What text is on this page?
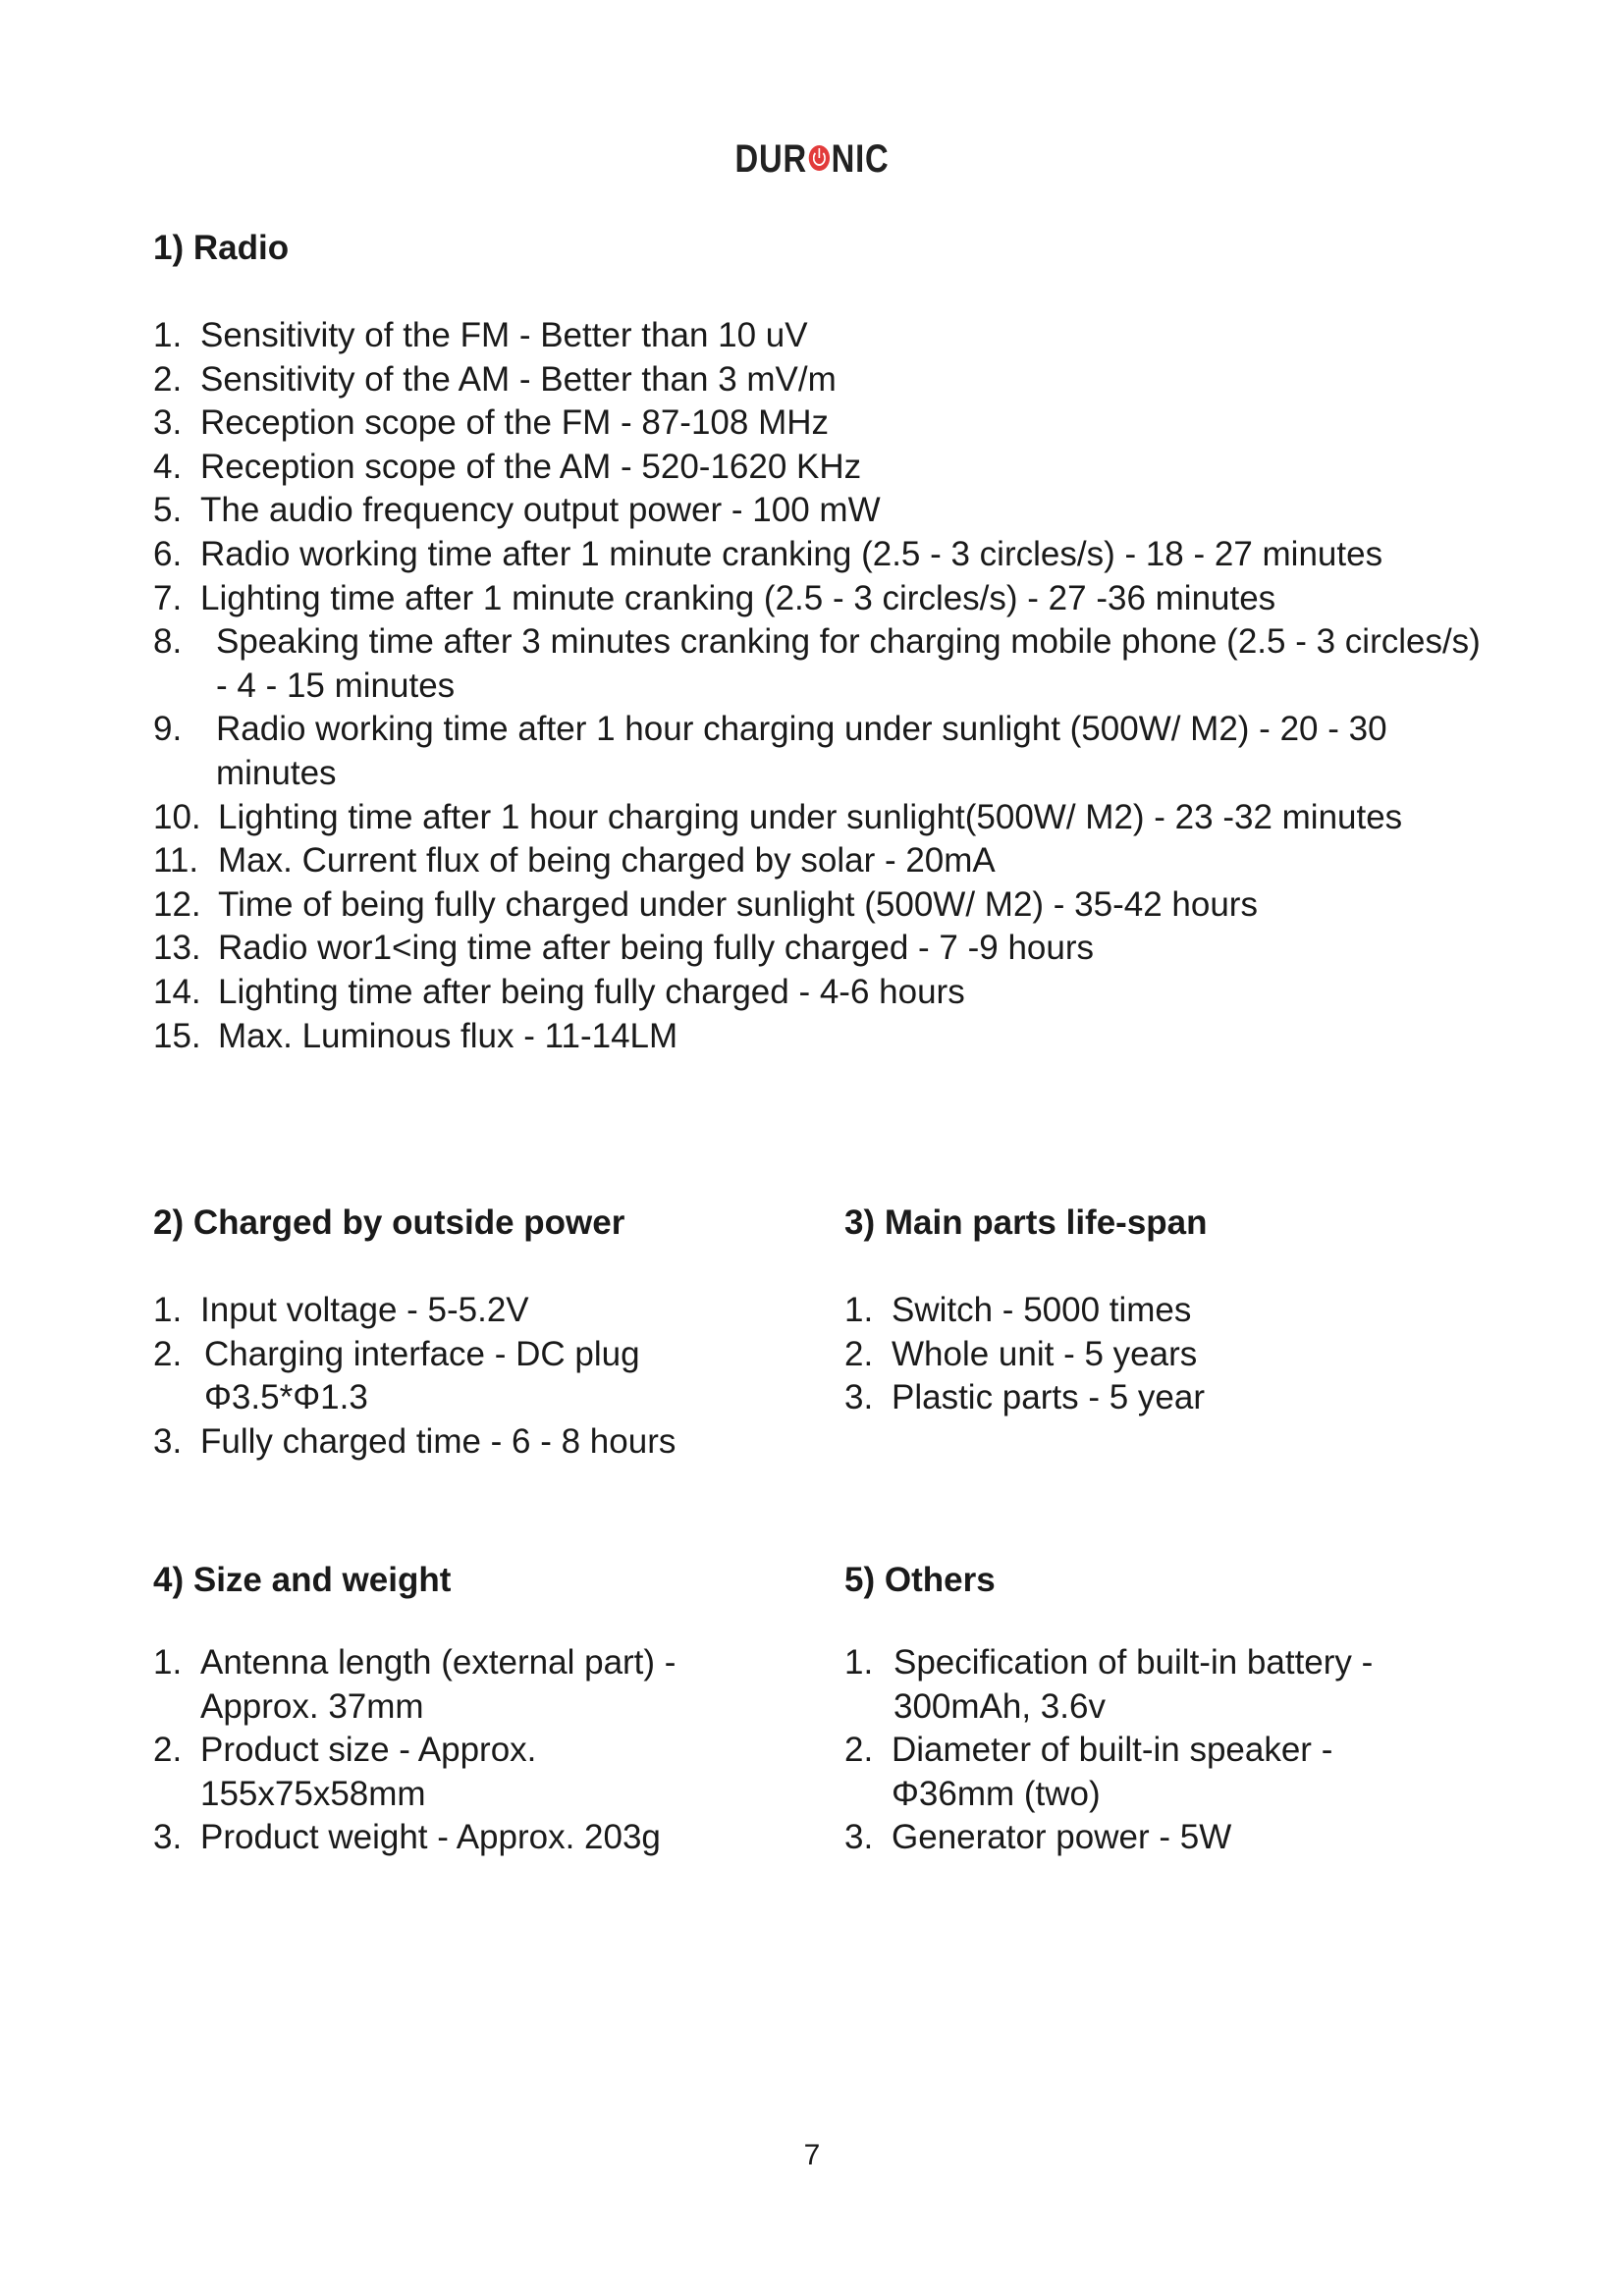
DUR NIC
1) Radio
1. Sensitivity of the FM - Better than 10 uV
2. Sensitivity of the AM - Better than 3 mV/m
3. Reception scope of the FM - 87-108 MHz
4. Reception scope of the AM - 520-1620 KHz
5. The audio frequency output power - 100 mW
6. Radio working time after 1 minute cranking (2.5 - 3 circles/s) - 18 - 27 minutes
7. Lighting time after 1 minute cranking (2.5 - 3 circles/s) - 27 -36 minutes
8. Speaking time after 3 minutes cranking for charging mobile phone (2.5 - 3 circles/s) - 4 - 15 minutes
9. Radio working time after 1 hour charging under sunlight (500W/ M2) - 20 - 30 minutes
10. Lighting time after 1 hour charging under sunlight(500W/ M2) - 23 -32 minutes
11. Max. Current flux of being charged by solar - 20mA
12. Time of being fully charged under sunlight (500W/ M2) - 35-42 hours
13. Radio wor1<ing time after being fully charged - 7 -9 hours
14. Lighting time after being fully charged - 4-6 hours
15. Max. Luminous flux - 11-14LM
2) Charged by outside power
1. Input voltage - 5-5.2V
2. Charging interface - DC plug Φ3.5*Φ1.3
3. Fully charged time - 6 - 8 hours
3) Main parts life-span
1. Switch - 5000 times
2. Whole unit - 5 years
3. Plastic parts - 5 year
4) Size and weight
1. Antenna length (external part) - Approx. 37mm
2. Product size - Approx. 155x75x58mm
3. Product weight - Approx. 203g
5) Others
1. Specification of built-in battery - 300mAh, 3.6v
2. Diameter of built-in speaker - Φ36mm (two)
3. Generator power - 5W
7
